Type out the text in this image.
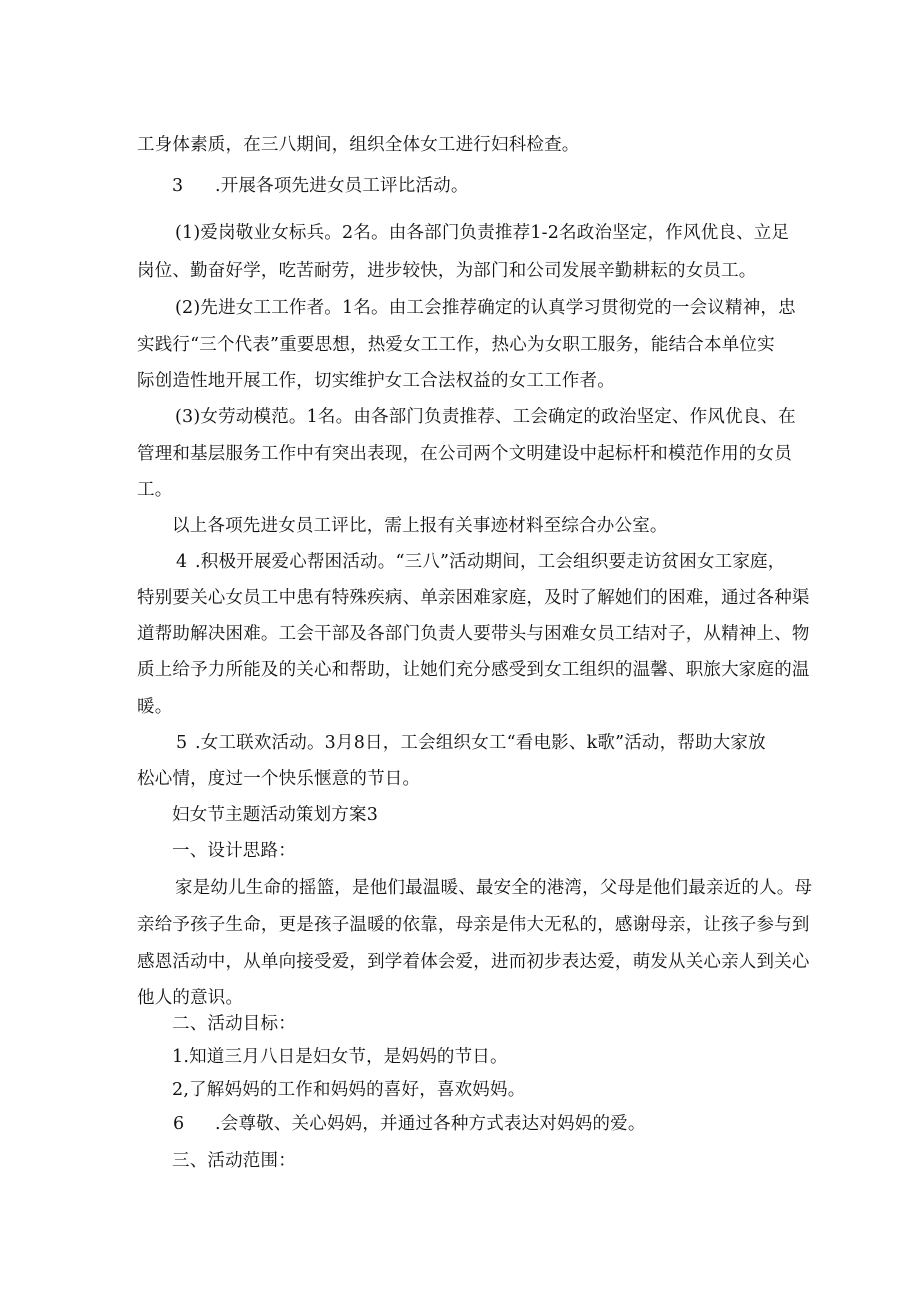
工身体素质，在三八期间，组织全体女工进行妇科检查。
3 .开展各项先进女员工评比活动。
(1)爱岗敬业女标兵。2名。由各部门负责推荐1-2名政治坚定，作风优良、立足
岗位、勤奋好学，吃苦耐劳，进步较快，为部门和公司发展辛勤耕耘的女员工。
(2)先进女工工作者。1名。由工会推荐确定的认真学习贯彻党的一会议精神，忠
实践行“三个代表”重要思想，热爱女工工作，热心为女职工服务，能结合本单位实
际创造性地开展工作，切实维护女工合法权益的女工工作者。
(3)女劳动模范。1名。由各部门负责推荐、工会确定的政治坚定、作风优良、在
管理和基层服务工作中有突出表现，在公司两个文明建设中起标杆和模范作用的女员
工。
以上各项先进女员工评比，需上报有关事迹材料至综合办公室。
4 .积极开展爱心帮困活动。“三八”活动期间，工会组织要走访贫困女工家庭，
特别要关心女员工中患有特殊疾病、单亲困难家庭，及时了解她们的困难，通过各种渠
道帮助解决困难。工会干部及各部门负责人要带头与困难女员工结对子，从精神上、物
质上给予力所能及的关心和帮助，让她们充分感受到女工组织的温馨、职旅大家庭的温
暖。
5 .女工联欢活动。3月8日，工会组织女工“看电影、k歌”活动，帮助大家放
松心情，度过一个快乐惬意的节日。
妇女节主题活动策划方案3
一、设计思路：
家是幼儿生命的摇篮，是他们最温暖、最安全的港湾，父母是他们最亲近的人。母
亲给予孩子生命，更是孩子温暖的依靠，母亲是伟大无私的，感谢母亲，让孩子参与到
感恩活动中，从单向接受爱，到学着体会爱，进而初步表达爱，萌发从关心亲人到关心
他人的意识。
二、活动目标：
1.知道三月八日是妇女节，是妈妈的节日。
2,了解妈妈的工作和妈妈的喜好，喜欢妈妈。
6 .会尊敬、关心妈妈，并通过各种方式表达对妈妈的爱。
三、活动范围：
